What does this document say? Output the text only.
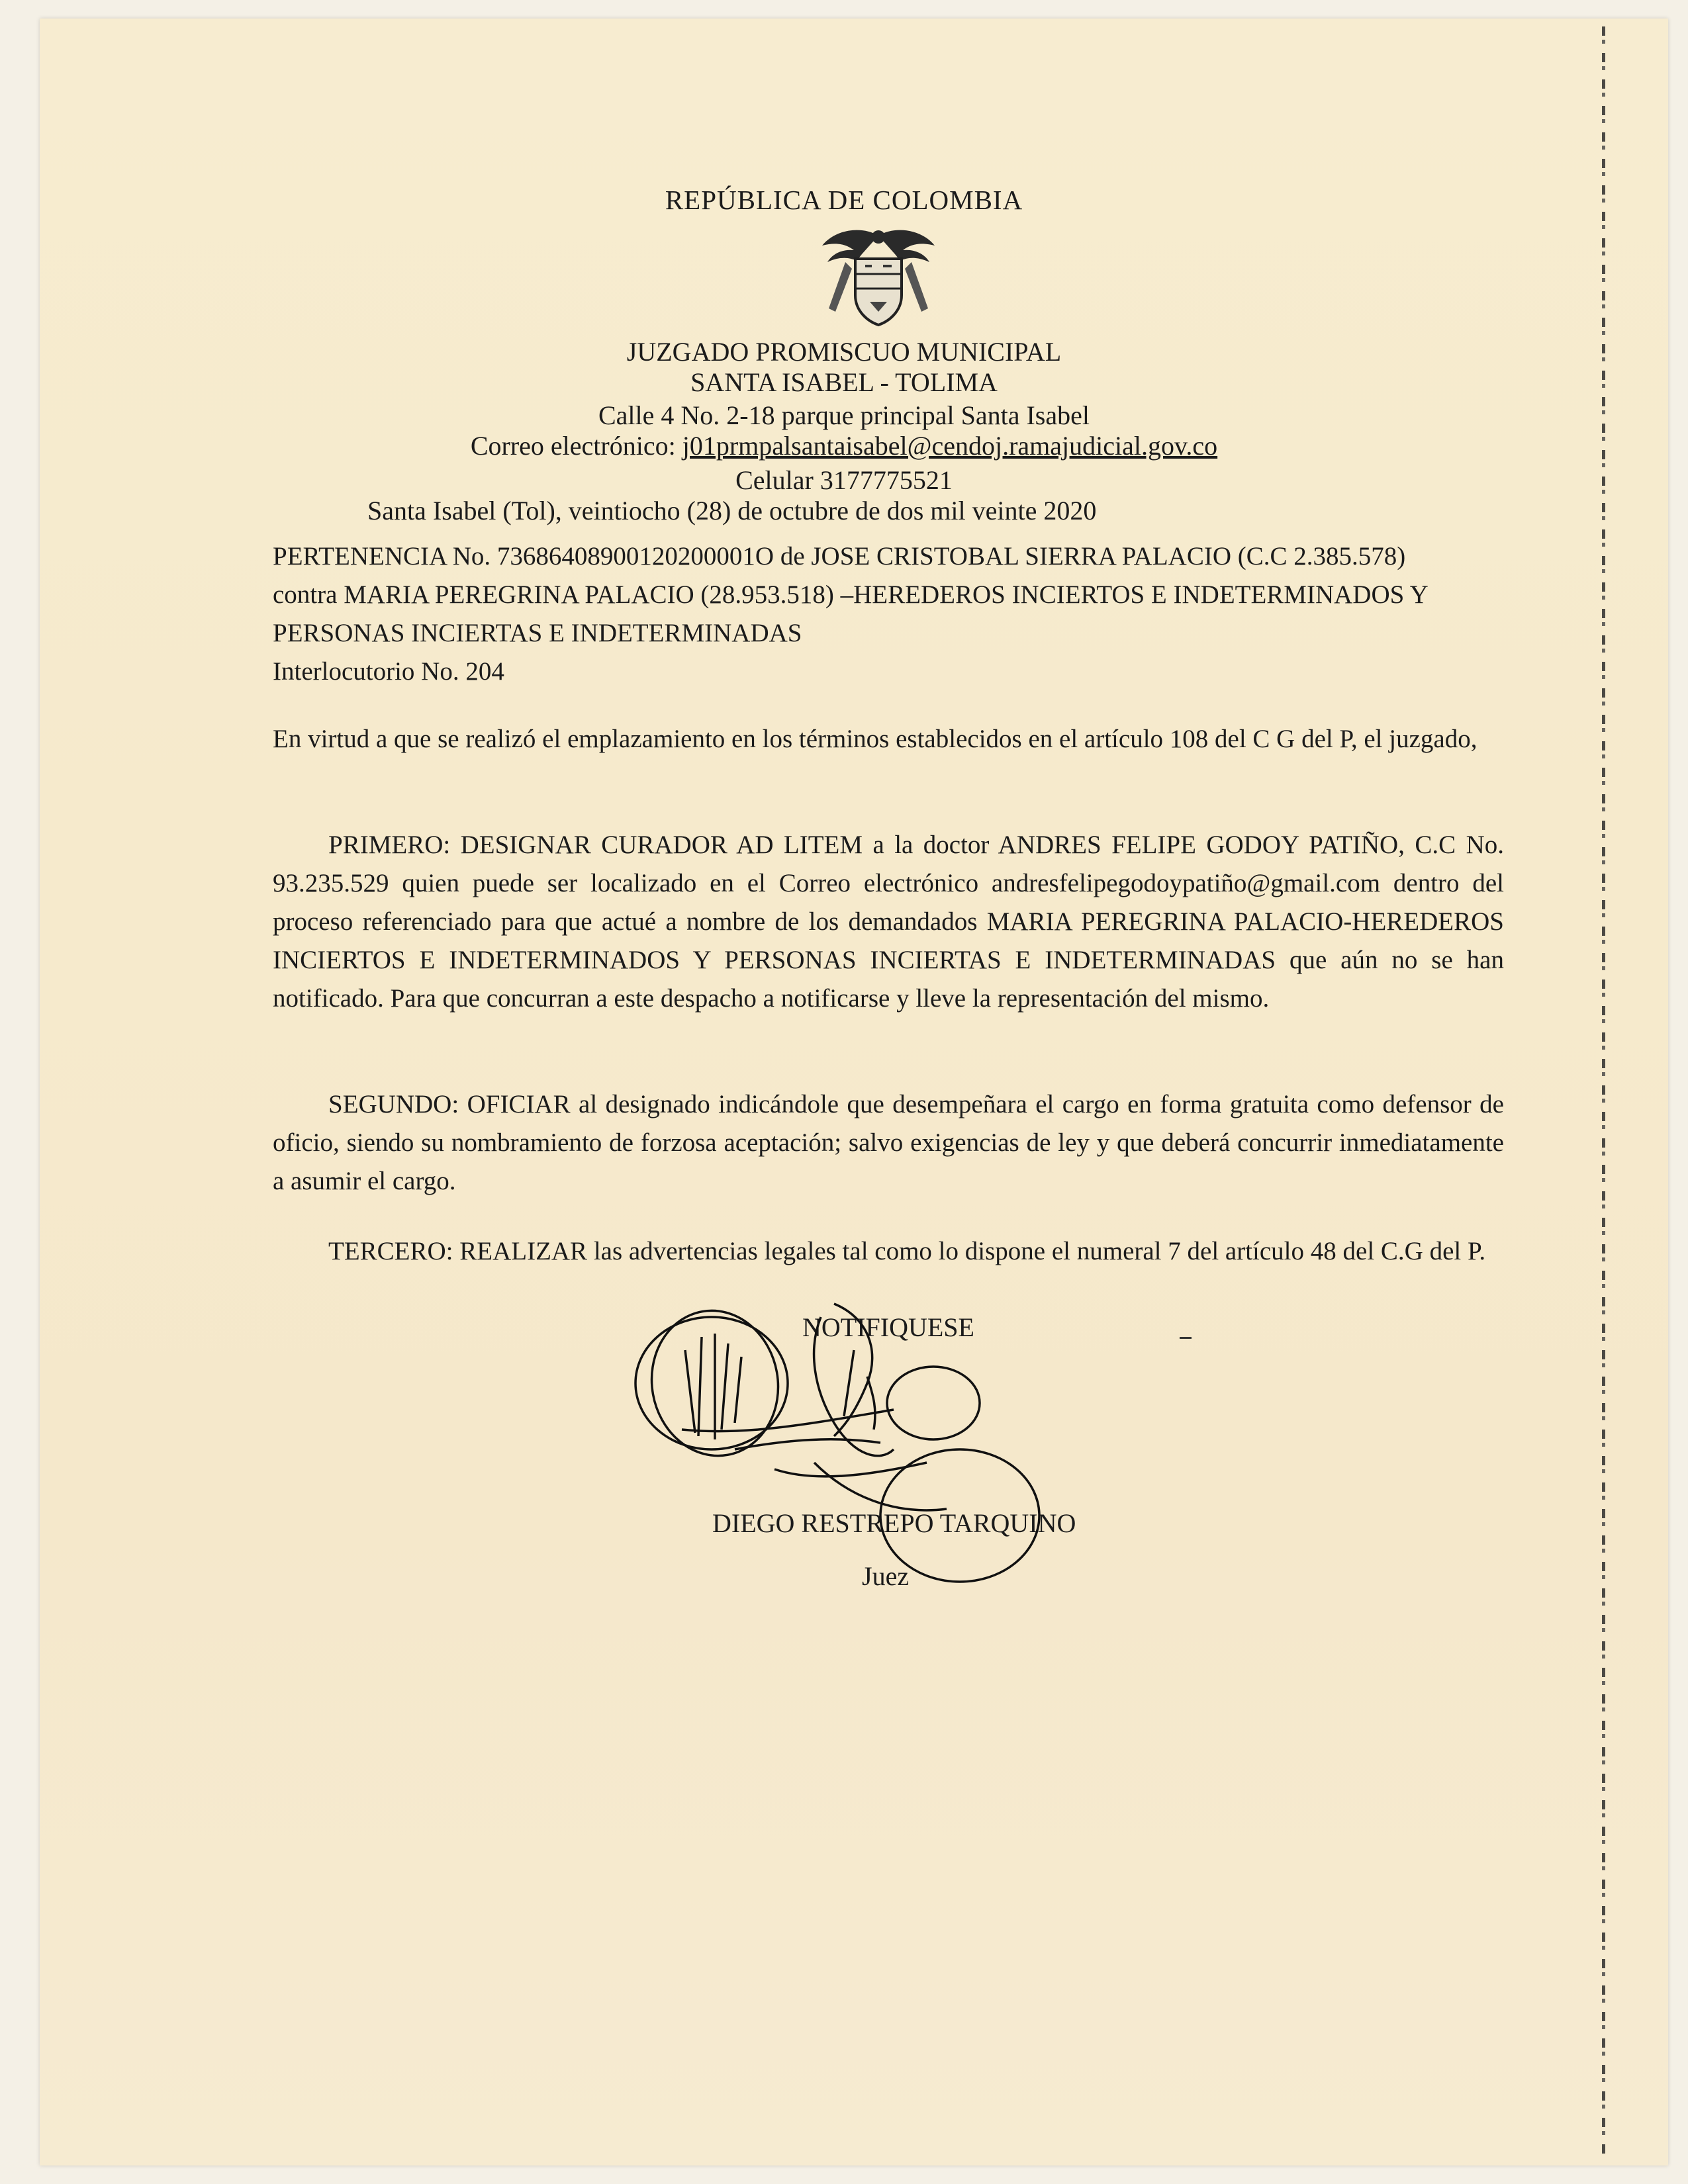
REPÚBLICA DE COLOMBIA
JUZGADO PROMISCUO MUNICIPAL
SANTA ISABEL - TOLIMA
Calle 4 No. 2-18 parque principal Santa Isabel
Correo electrónico: j01prmpalsantaisabel@cendoj.ramajudicial.gov.co
Celular 3177775521
Santa Isabel (Tol), veintiocho (28) de octubre de dos mil veinte 2020

PERTENENCIA No. 73686408900120200001O de JOSE CRISTOBAL SIERRA PALACIO (C.C 2.385.578)

contra MARIA PEREGRINA PALACIO (28.953.518) –HEREDEROS INCIERTOS E INDETERMINADOS Y

PERSONAS INCIERTAS E INDETERMINADAS

Interlocutorio No. 204

En virtud a que se realizó el emplazamiento en los términos establecidos en el artículo 108 del C G del P, el juzgado,

PRIMERO: DESIGNAR CURADOR AD LITEM a la doctor ANDRES FELIPE GODOY PATIÑO, C.C No. 93.235.529 quien puede ser localizado en el Correo electrónico andresfelipegodoypatiño@gmail.com dentro del proceso referenciado para que actué a nombre de los demandados MARIA PEREGRINA PALACIO-HEREDEROS INCIERTOS E INDETERMINADOS Y PERSONAS INCIERTAS E INDETERMINADAS que aún no se han notificado. Para que concurran a este despacho a notificarse y lleve la representación del mismo.

SEGUNDO: OFICIAR al designado indicándole que desempeñara el cargo en forma gratuita como defensor de oficio, siendo su nombramiento de forzosa aceptación; salvo exigencias de ley y que deberá concurrir inmediatamente a asumir el cargo.

TERCERO: REALIZAR las advertencias legales tal como lo dispone el numeral 7 del artículo 48 del C.G del P.

NOTIFIQUESE
DIEGO RESTREPO TARQUINO
Juez
